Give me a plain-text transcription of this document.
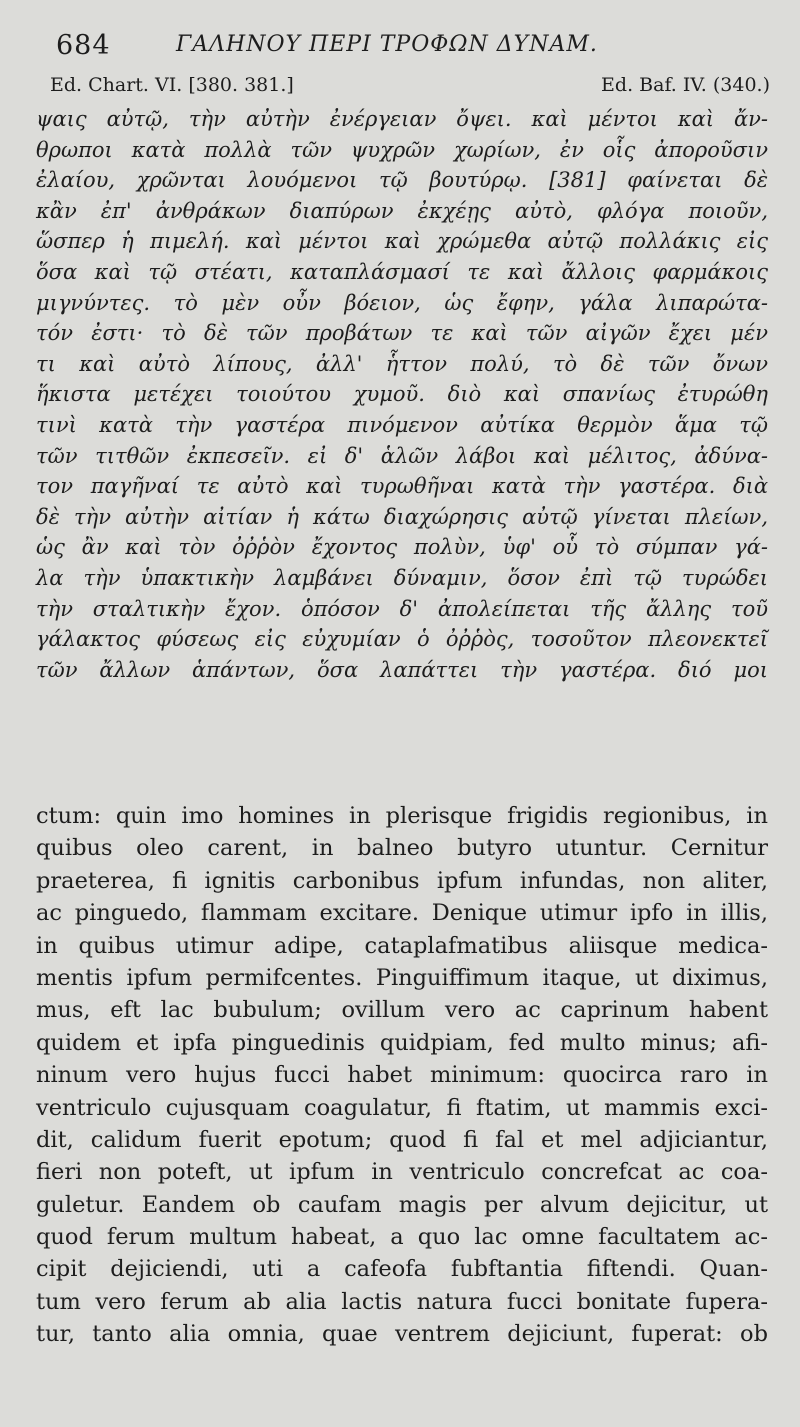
684	ΓΑΛΗΝΟΥ ΠΕΡΙ ΤΡΟΦΩΝ ΔΥΝΑΜ.
Ed. Chart. VI. [380. 381.]	Ed. Baf. IV. (340.)
ψαις αὐτῷ, τὴν αὐτὴν ἐνέργειαν ὄψει. καὶ μέντοι καὶ ἄν-
θρωποι κατὰ πολλὰ τῶν ψυχρῶν χωρίων, ἐν οἷς ἀποροῦσιν
ἐλαίου, χρῶνται λουόμενοι τῷ βουτύρῳ. [381] φαίνεται δὲ
κἂν ἐπ' ἀνθράκων διαπύρων ἐκχέῃς αὐτὸ, φλόγα ποιοῦν,
ὥσπερ ἡ πιμελή. καὶ μέντοι καὶ χρώμεθα αὐτῷ πολλάκις εἰς
ὅσα καὶ τῷ στέατι, καταπλάσμασί τε καὶ ἄλλοις φαρμάκοις
μιγνύντες. τὸ μὲν οὖν βόειον, ὡς ἔφην, γάλα λιπαρώτα-
τόν ἐστι· τὸ δὲ τῶν προβάτων τε καὶ τῶν αἰγῶν ἔχει μέν
τι καὶ αὐτὸ λίπους, ἀλλ' ἧττον πολύ, τὸ δὲ τῶν ὄνων
ἥκιστα μετέχει τοιούτου χυμοῦ. διὸ καὶ σπανίως ἐτυρώθη
τινὶ κατὰ τὴν γαστέρα πινόμενον αὐτίκα θερμὸν ἅμα τῷ
τῶν τιτθῶν ἐκπεσεῖν. εἰ δ' ἁλῶν λάβοι καὶ μέλιτος, ἀδύνα-
τον παγῆναί τε αὐτὸ καὶ τυρωθῆναι κατὰ τὴν γαστέρα. διὰ
δὲ τὴν αὐτὴν αἰτίαν ἡ κάτω διαχώρησις αὐτῷ γίνεται πλείων,
ὡς ἂν καὶ τὸν ὀῤῥὸν ἔχοντος πολὺν, ὑφ' οὗ τὸ σύμπαν γά-
λα τὴν ὑπακτικὴν λαμβάνει δύναμιν, ὅσον ἐπὶ τῷ τυρώδει
τὴν σταλτικὴν ἔχον. ὁπόσον δ' ἀπολείπεται τῆς ἄλλης τοῦ
γάλακτος φύσεως εἰς εὐχυμίαν ὁ ὀῤῥὸς, τοσοῦτον πλεονεκτεῖ
τῶν ἄλλων ἁπάντων, ὅσα λαπάττει τὴν γαστέρα. διό μοι
ctum: quin imo homines in plerisque frigidis regionibus, in
quibus oleo carent, in balneo butyro utuntur. Cernitur
praeterea, fi ignitis carbonibus ipfum infundas, non aliter,
ac pinguedo, flammam excitare. Denique utimur ipfo in illis,
in quibus utimur adipe, cataplafmatibus aliisque medica-
mentis ipfum permifcentes. Pinguiffimum itaque, ut diximus,
mus, eft lac bubulum; ovillum vero ac caprinum habent
quidem et ipfa pinguedinis quidpiam, fed multo minus; afi-
ninum vero hujus fucci habet minimum: quocirca raro in
ventriculo cujusquam coagulatur, fi ftatim, ut mammis exci-
dit, calidum fuerit epotum; quod fi fal et mel adjiciantur,
fieri non poteft, ut ipfum in ventriculo concrefcat ac coa-
guletur. Eandem ob caufam magis per alvum dejicitur, ut
quod ferum multum habeat, a quo lac omne facultatem ac-
cipit dejiciendi, uti a cafeofa fubftantia fiftendi. Quan-
tum vero ferum ab alia lactis natura fucci bonitate fupera-
tur, tanto alia omnia, quae ventrem dejiciunt, fuperat: ob
